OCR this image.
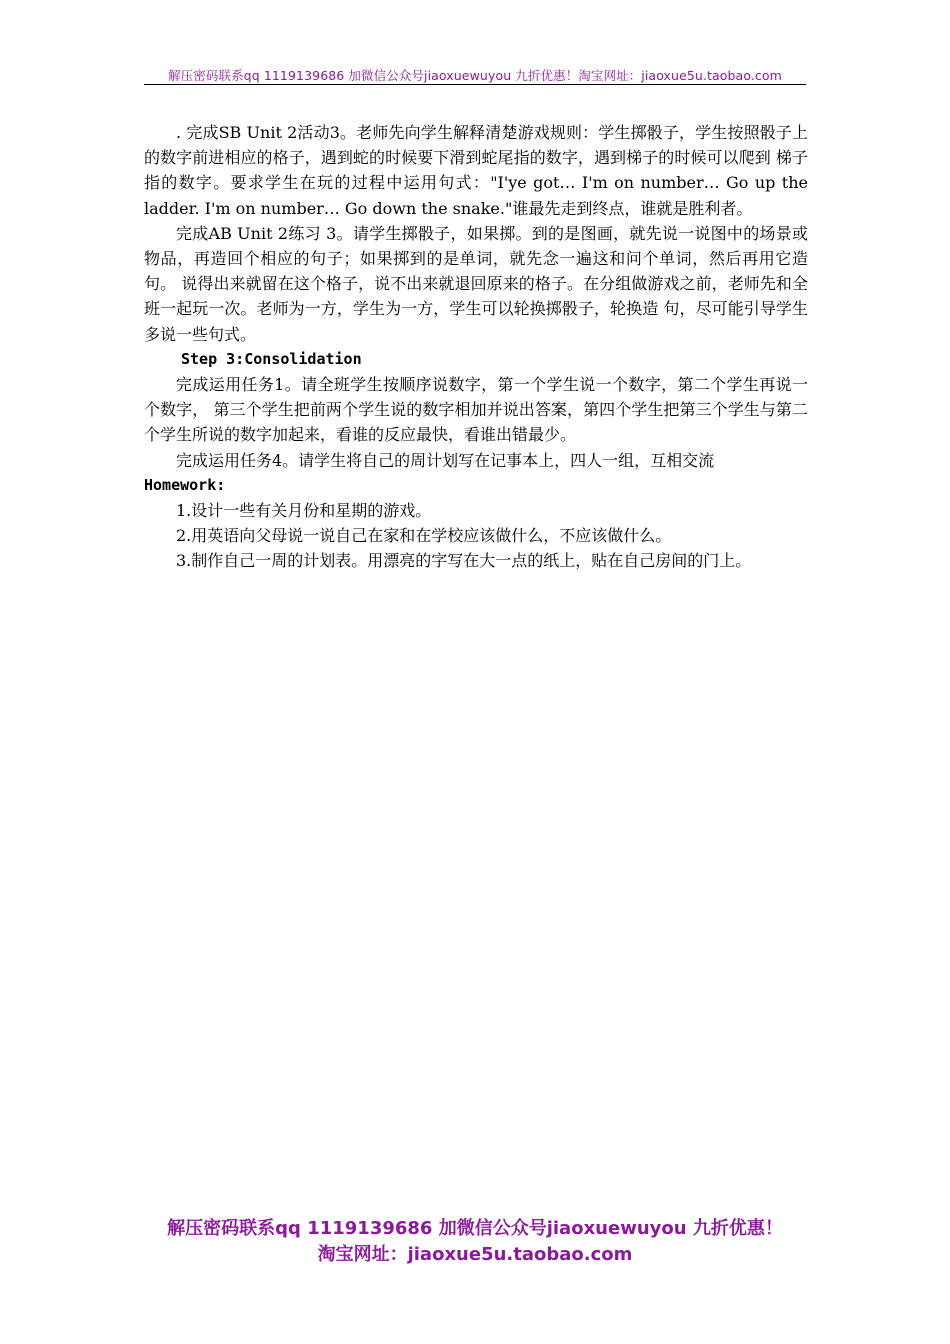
解压密码联系qq 1119139686 加微信公众号jiaoxuewuyou 九折优惠！淘宝网址：jiaoxue5u.taobao.com

. 完成SB Unit 2活动3。老师先向学生解释清楚游戏规则：学生掷骰子，学生按照骰子上的数字前进相应的格子，遇到蛇的时候要下滑到蛇尾指的数字，遇到梯子的时候可以爬到 梯子指的数字。要求学生在玩的过程中运用句式："I'ye got… I'm on number… Go up the ladder. I'm on number… Go down the snake."谁最先走到终点，谁就是胜利者。

完成AB Unit 2练习 3。请学生掷骰子，如果掷。到的是图画，就先说一说图中的场景或物品，再造回个相应的句子；如果掷到的是单词，就先念一遍这和问个单词，然后再用它造句。 说得出来就留在这个格子，说不出来就退回原来的格子。在分组做游戏之前，老师先和全班一起玩一次。老师为一方，学生为一方，学生可以轮换掷骰子，轮换造 句，尽可能引导学生多说一些句式。

Step 3:Consolidation

完成运用任务1。请全班学生按顺序说数字，第一个学生说一个数字，第二个学生再说一个数字， 第三个学生把前两个学生说的数字相加并说出答案，第四个学生把第三个学生与第二个学生所说的数字加起来，看谁的反应最快，看谁出错最少。

完成运用任务4。请学生将自己的周计划写在记事本上，四人一组，互相交流

Homework:

1.设计一些有关月份和星期的游戏。

2.用英语向父母说一说自己在家和在学校应该做什么，不应该做什么。

3.制作自己一周的计划表。用漂亮的字写在大一点的纸上，贴在自己房间的门上。

解压密码联系qq 1119139686 加微信公众号jiaoxuewuyou 九折优惠！
淘宝网址：jiaoxue5u.taobao.com
